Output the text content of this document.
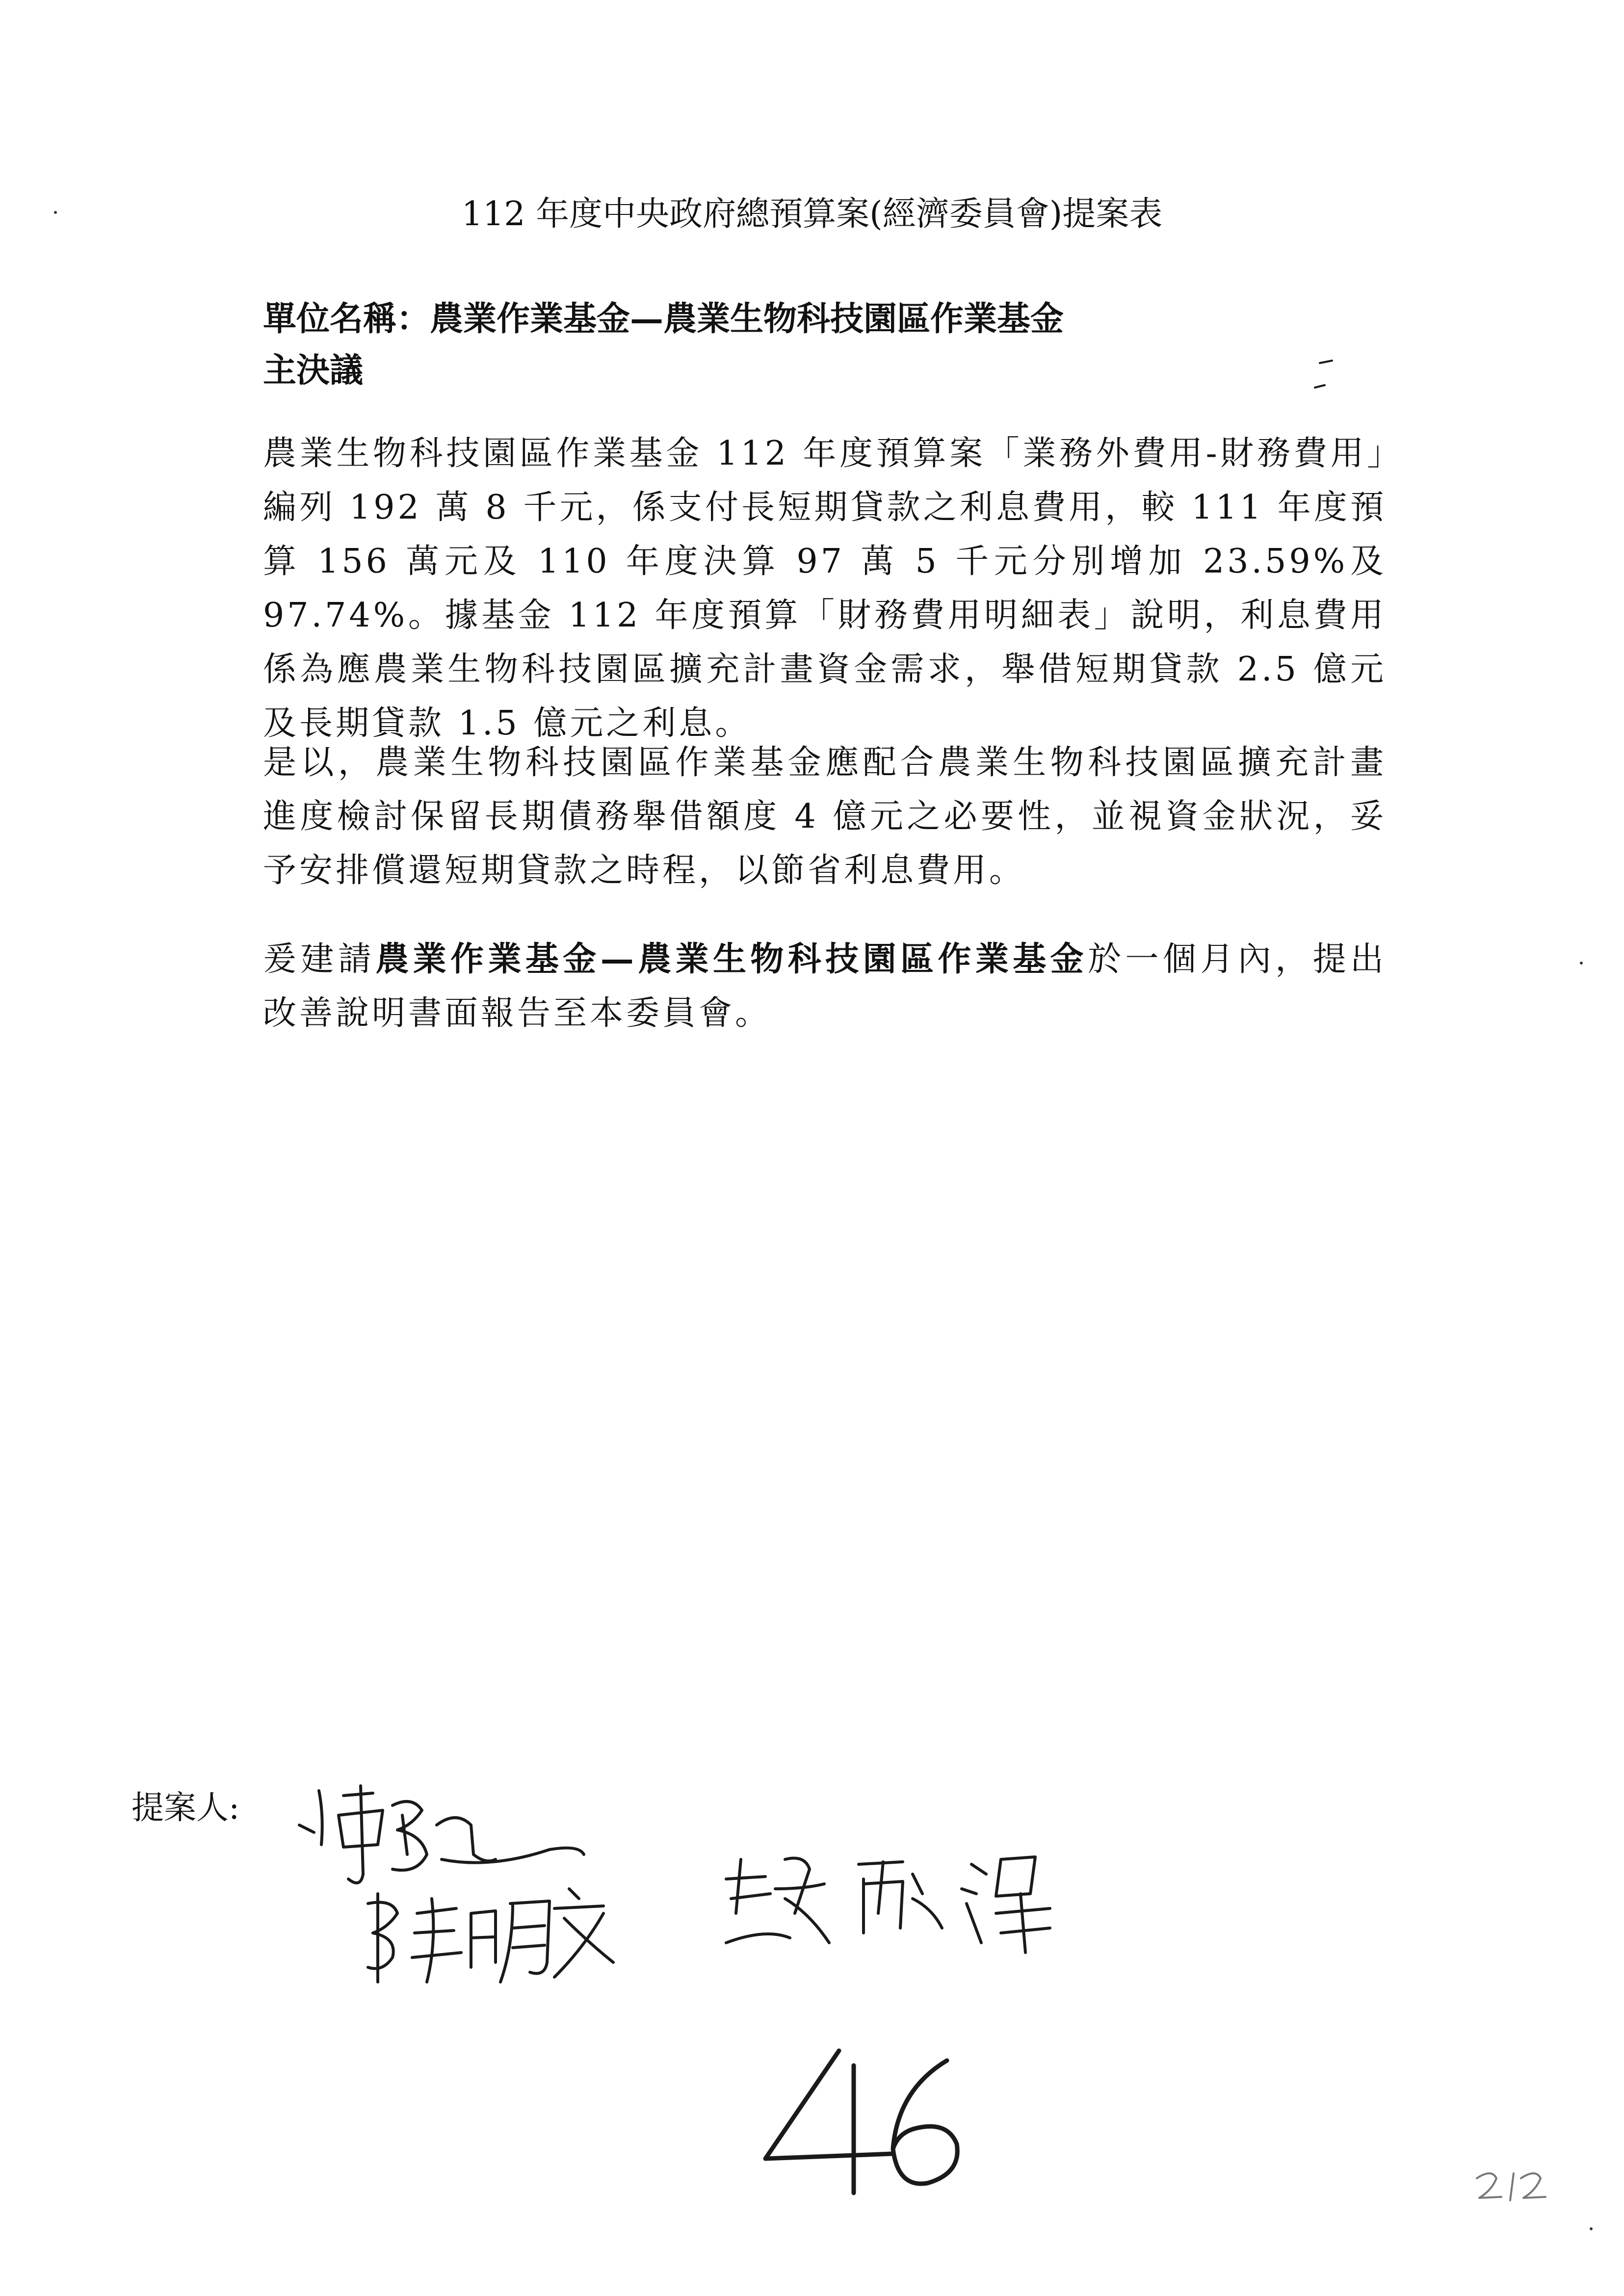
112 年度中央政府總預算案(經濟委員會)提案表

單位名稱：農業作業基金—農業生物科技園區作業基金

主決議

農業生物科技園區作業基金 112 年度預算案「業務外費用-財務費用」編列 192 萬 8 千元，係支付長短期貸款之利息費用，較 111 年度預算 156 萬元及 110 年度決算 97 萬 5 千元分別增加 23.59%及 97.74%。據基金 112 年度預算「財務費用明細表」說明，利息費用係為應農業生物科技園區擴充計畫資金需求，舉借短期貸款 2.5 億元及長期貸款 1.5 億元之利息。

是以，農業生物科技園區作業基金應配合農業生物科技園區擴充計畫進度檢討保留長期債務舉借額度 4 億元之必要性，並視資金狀況，妥予安排償還短期貸款之時程，以節省利息費用。

爰建請農業作業基金—農業生物科技園區作業基金於一個月內，提出改善說明書面報告至本委員會。

提案人:
